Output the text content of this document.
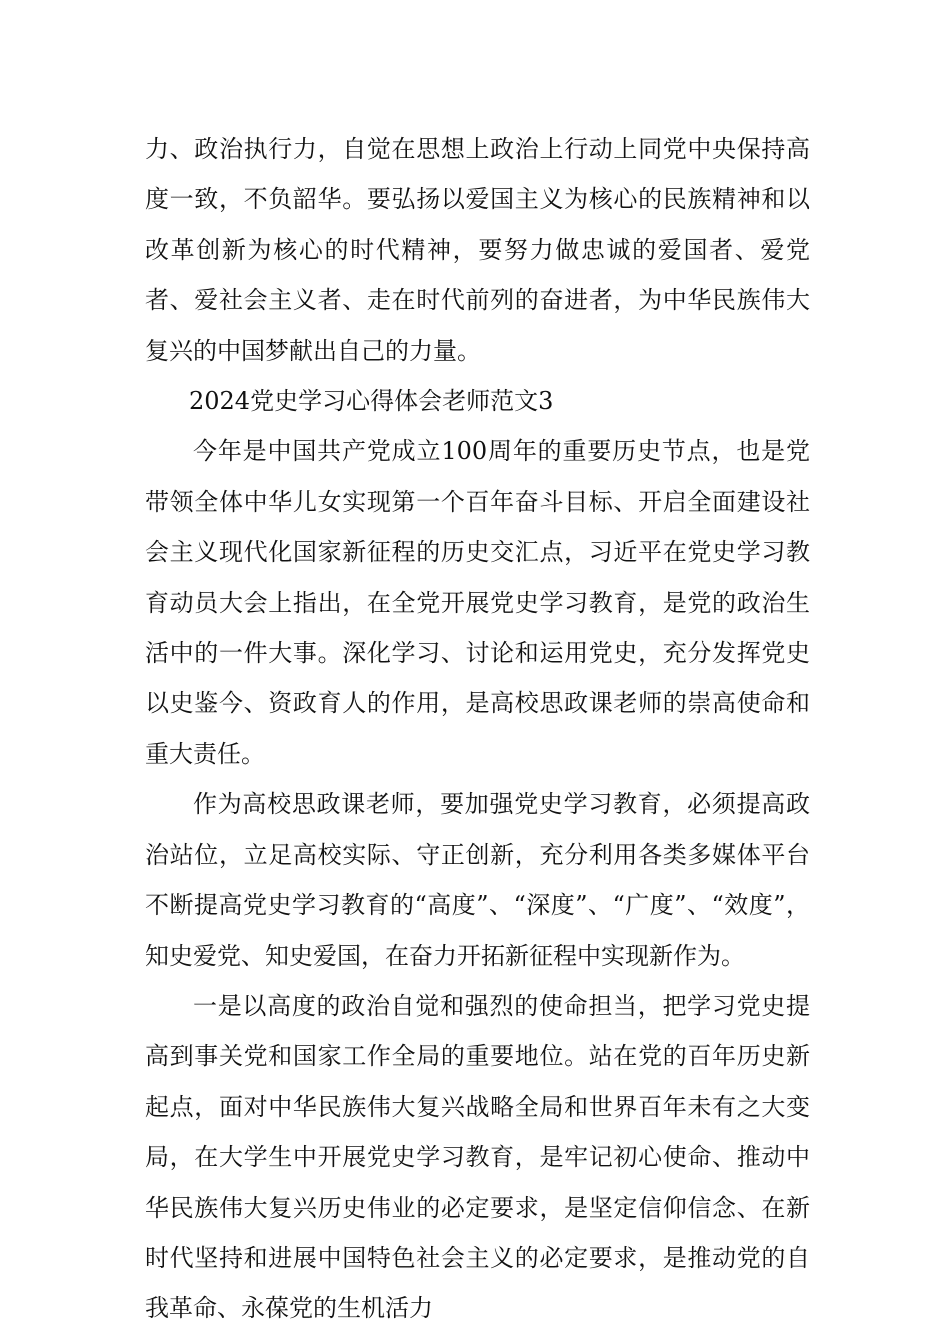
力、政治执行力，自觉在思想上政治上行动上同党中央保持高度一致，不负韶华。要弘扬以爱国主义为核心的民族精神和以改革创新为核心的时代精神，要努力做忠诚的爱国者、爱党者、爱社会主义者、走在时代前列的奋进者，为中华民族伟大复兴的中国梦献出自己的力量。

2024党史学习心得体会老师范文3

今年是中国共产党成立100周年的重要历史节点，也是党带领全体中华儿女实现第一个百年奋斗目标、开启全面建设社会主义现代化国家新征程的历史交汇点，习近平在党史学习教育动员大会上指出，在全党开展党史学习教育，是党的政治生活中的一件大事。深化学习、讨论和运用党史，充分发挥党史以史鉴今、资政育人的作用，是高校思政课老师的崇高使命和重大责任。

作为高校思政课老师，要加强党史学习教育，必须提高政治站位，立足高校实际、守正创新，充分利用各类多媒体平台不断提高党史学习教育的“高度”、“深度”、“广度”、“效度”，知史爱党、知史爱国，在奋力开拓新征程中实现新作为。

一是以高度的政治自觉和强烈的使命担当，把学习党史提高到事关党和国家工作全局的重要地位。站在党的百年历史新起点，面对中华民族伟大复兴战略全局和世界百年未有之大变局，在大学生中开展党史学习教育，是牢记初心使命、推动中华民族伟大复兴历史伟业的必定要求，是坚定信仰信念、在新时代坚持和进展中国特色社会主义的必定要求，是推动党的自我革命、永葆党的生机活力
